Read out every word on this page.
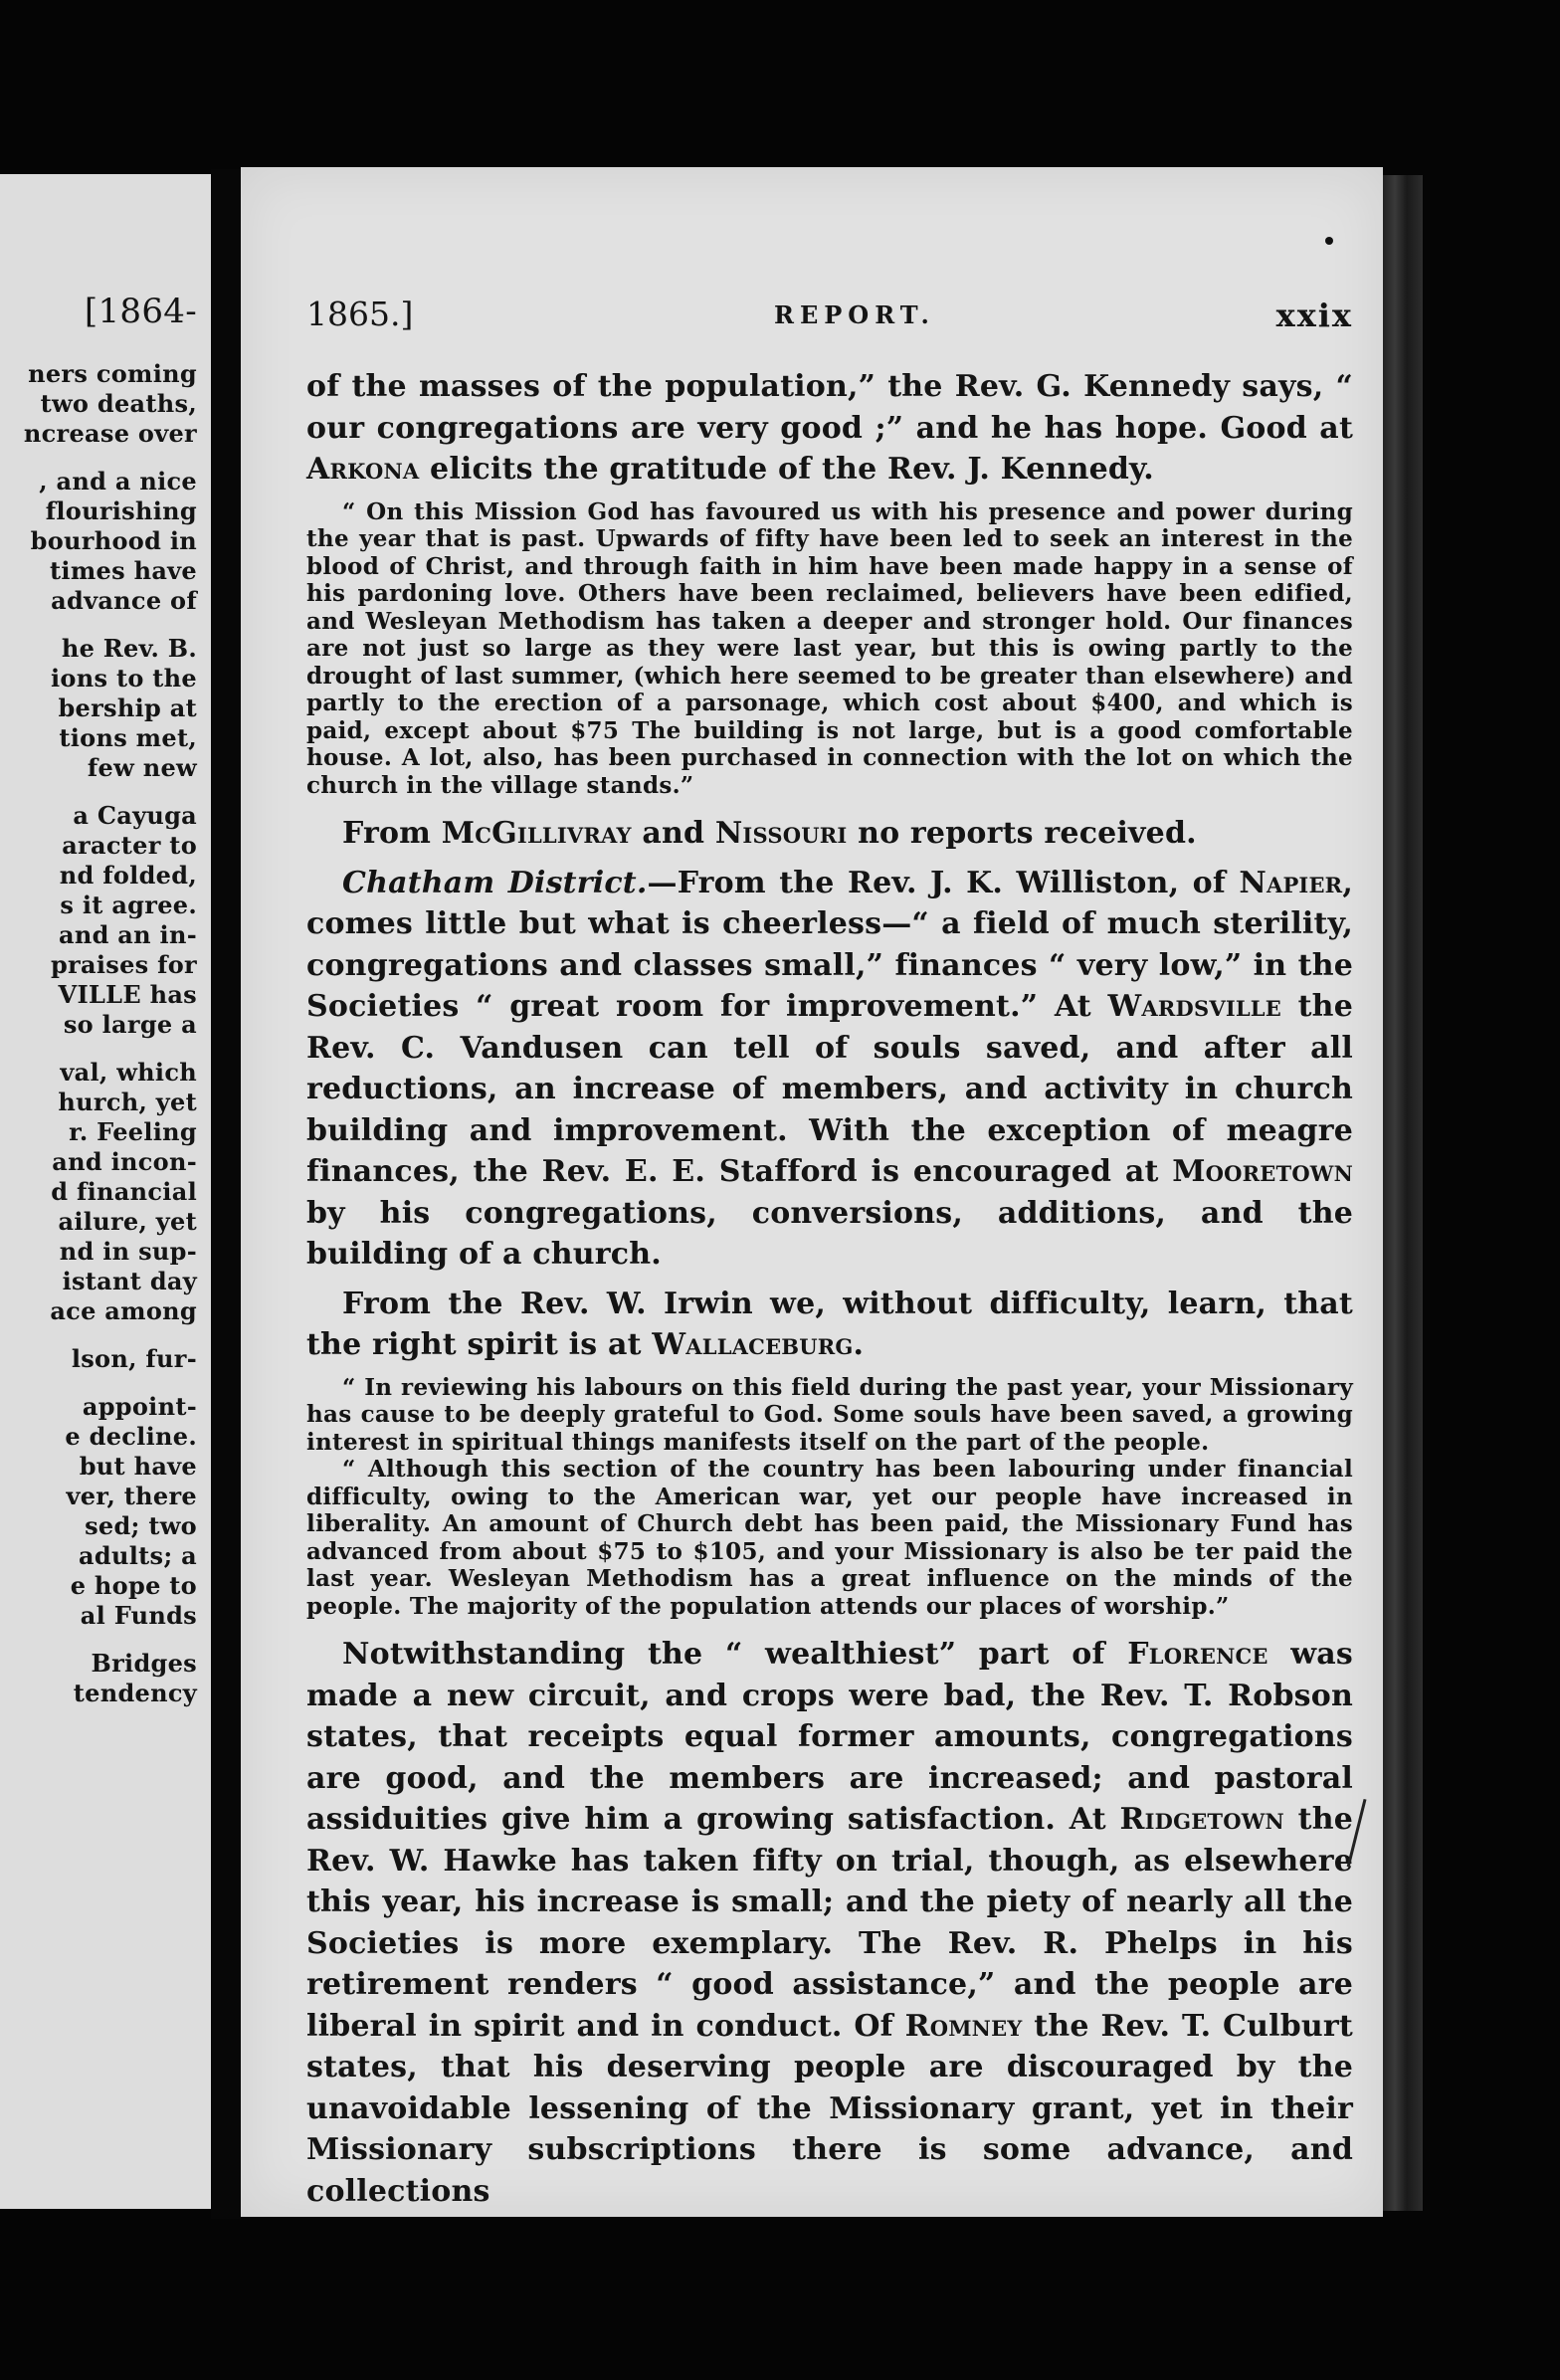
[1864-
ners coming
two deaths,
ncrease over
, and a nice
flourishing
bourhood in
times have
advance of
he Rev. B.
ions to the
bership at
tions met,
few new
a Cayuga
aracter to
nd folded,
s it agree.
and an in-
praises for
VILLE has
so large a
val, which
hurch, yet
r. Feeling
and incon-
d financial
ailure, yet
nd in sup-
istant day
ace among
lson, fur-
appoint-
e decline.
but have
ver, there
sed; two
adults; a
e hope to
al Funds
Bridges
tendency
1865.]	REPORT.	xxix

of the masses of the population,” the Rev. G. Kennedy says, “ our congregations are very good ;” and he has hope. Good at Arkona elicits the gratitude of the Rev. J. Kennedy.

“ On this Mission God has favoured us with his presence and power during the year that is past. Upwards of fifty have been led to seek an interest in the blood of Christ, and through faith in him have been made happy in a sense of his pardoning love. Others have been reclaimed, believers have been edified, and Wesleyan Methodism has taken a deeper and stronger hold. Our finances are not just so large as they were last year, but this is owing partly to the drought of last summer, (which here seemed to be greater than elsewhere) and partly to the erection of a parsonage, which cost about $400, and which is paid, except about $75 The building is not large, but is a good comfortable house. A lot, also, has been purchased in connection with the lot on which the church in the village stands.”

From McGillivray and Nissouri no reports received.

Chatham District.—From the Rev. J. K. Williston, of Napier, comes little but what is cheerless—“ a field of much sterility, congregations and classes small,” finances “ very low,” in the Societies “ great room for improvement.” At Wardsville the Rev. C. Vandusen can tell of souls saved, and after all reductions, an increase of members, and activity in church building and improvement. With the exception of meagre finances, the Rev. E. E. Stafford is encouraged at Mooretown by his congregations, conversions, additions, and the building of a church.

From the Rev. W. Irwin we, without difficulty, learn, that the right spirit is at Wallaceburg.

“ In reviewing his labours on this field during the past year, your Missionary has cause to be deeply grateful to God. Some souls have been saved, a growing interest in spiritual things manifests itself on the part of the people.

“ Although this section of the country has been labouring under financial difficulty, owing to the American war, yet our people have increased in liberality. An amount of Church debt has been paid, the Missionary Fund has advanced from about $75 to $105, and your Missionary is also be ter paid the last year. Wesleyan Methodism has a great influence on the minds of the people. The majority of the population attends our places of worship.”

Notwithstanding the “ wealthiest” part of Florence was made a new circuit, and crops were bad, the Rev. T. Robson states, that receipts equal former amounts, congregations are good, and the members are increased; and pastoral assiduities give him a growing satisfaction. At Ridgetown the Rev. W. Hawke has taken fifty on trial, though, as elsewhere this year, his increase is small; and the piety of nearly all the Societies is more exemplary. The Rev. R. Phelps in his retirement renders “ good assistance,” and the people are liberal in spirit and in conduct. Of Romney the Rev. T. Culburt states, that his deserving people are discouraged by the unavoidable lessening of the Missionary grant, yet in their Missionary subscriptions there is some advance, and collections
